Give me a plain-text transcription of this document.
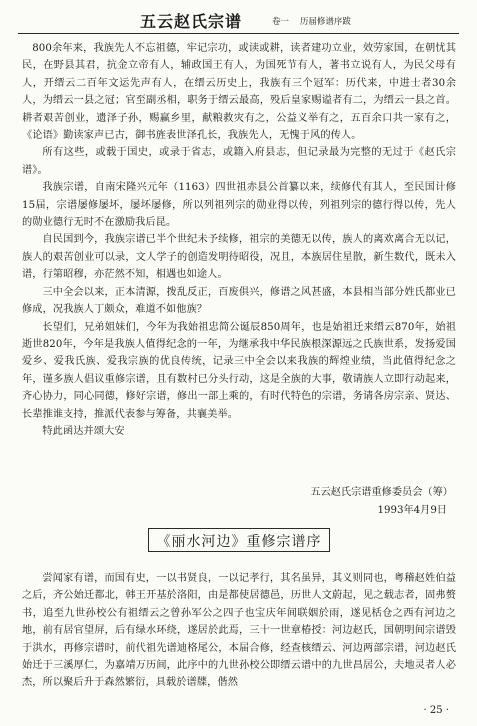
五云赵氏宗谱	卷一 历届修谱序跋

800余年来，我族先人不忘祖德，牢记宗功，或读或耕，读者建功立业，效劳家国，在朝忧其民，在野县其君，抗金立帝有人，辅政国王有人，为国死节有人，著书立说有人，为民父母有人，开缙云二百年文运先声有人，在缙云历史上，我族有三个冠军：历代来，中进士者30余人，为缙云一县之冠；官至副丞相，职务于缙云最高，殁后皇家赐谥者有二，为缙云一县之首。耕者艰苦创业，遗泽子孙，赐赢乡里，献粮救灾有之，公益义举有之，五百余口共一家有之，《论语》勤读家声已古，御书旌表世泽孔长，我族先人，无愧于风的传人。

所有这些，或载于国史，或录于省志，或籍入府县志，但记录最为完整的无过于《赵氏宗谱》。

我族宗谱，自南宋隆兴元年（1163）四世祖赤县公首纂以来，续修代有其人，至民国计修15届，宗谱屡修屡坏，屡坏屡修，所以列祖列宗的勋业得以传，列祖列宗的德行得以传，先人的勋业德行无时不在激励我后昆。

自民国到今，我族宗谱已半个世纪未予续修，祖宗的美德无以传，族人的离欢离合无以记，族人的艰苦创业可以录，文人学子的创造发明待昭役，况且，本族居住星散，新生数代，既未入谱，行第昭穆，亦茫然不知，相遇也如途人。

三中全会以来，正本清源，拨乱反正，百废俱兴，修谱之风甚盛，本县相当部分姓氏都业已修成，况我族人丁颇众，难道不如他族？

长望们，兄弟姐妹们，今年为我始祖忠简公诞辰850周年，也是始祖迁来缙云870年，始祖逝世820年，今年是我族人值得纪念的一年，为继承我中华民族根深源远之氏族世系，发扬爱国爱乡、爱我氏族、爱我宗族的优良传统，记录三中全会以来我族的辉煌业绩，当此值得纪念之年，谨多族人倡议重修宗谱，且有数村已分头行动，这是全族的大事，敬请族人立即行动起来，齐心协力，同心同德，修好宗谱，修出一部上乘的，有时代特色的宗谱，务请各房宗亲、贤达、长辈推谁支持，推派代表参与筹备，共襄美举。

特此函达并颂大安

五云赵氏宗谱重修委员会（筹）
1993年4月9日
《丽水河边》重修宗谱序

尝闻家有谱，而国有史，一以书贤良，一以记孝行，其名虽异，其义则同也，粤稽赵姓伯益之后，齐公始迁都北，韩王开基於洛阳，由是都使居德邑，历世人文蔚起，见之载志者，固弗赘书，追至九世孙校公有祖缙云之曾孙军公之四子也宝庆年间联姻於雨，遂见栝仓之西有河边之地，前有居官望屏，后有绿水环绕，遂居於此焉，三十一世章椿授：河边赵氏，国朝明间宗谱毁于洪水，再修宗谱时，前代祖先谱迪格尾公，本届合修，经查核缙云、河边两部宗谱，河边赵氏始迁于三溪厚仁，为嘉靖万历间，此序中的九世孙校公即缙云谱中的九世昌居公，夫地灵者人必杰，所以聚后升于森然繁衍，具载於谱牒，偕然

· 25 ·
